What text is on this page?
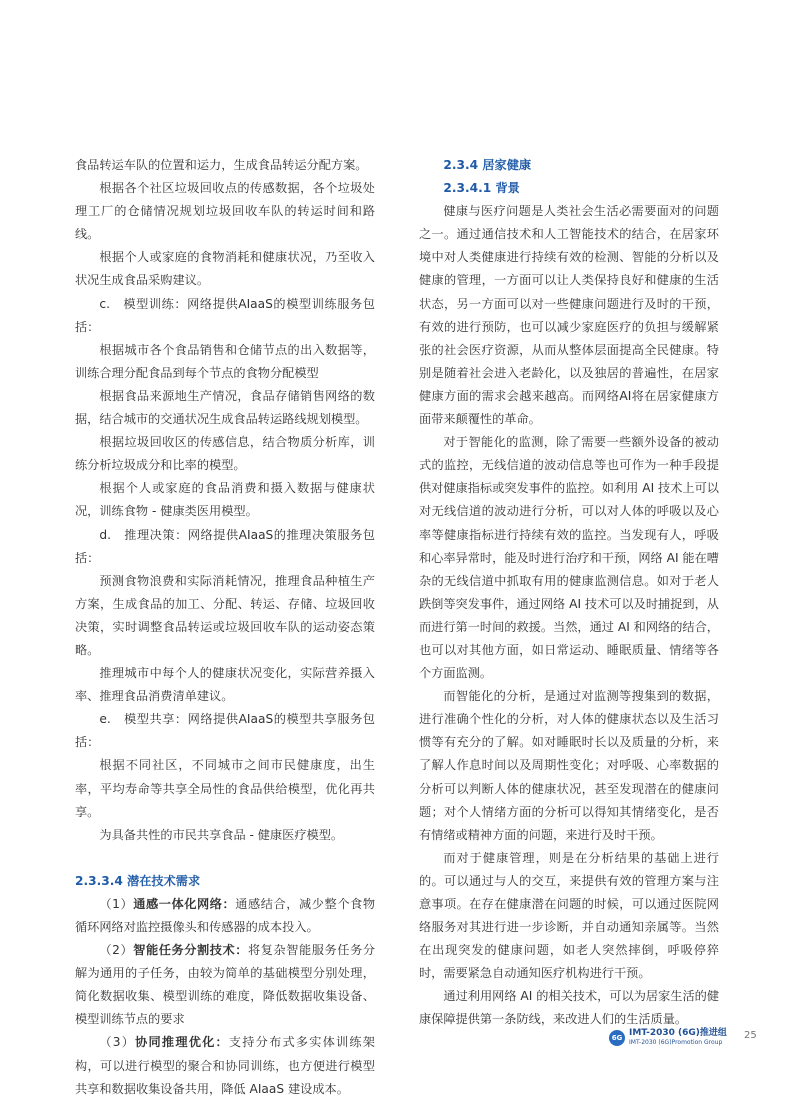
食品转运车队的位置和运力，生成食品转运分配方案。

根据各个社区垃圾回收点的传感数据，各个垃圾处理工厂的仓储情况规划垃圾回收车队的转运时间和路线。

根据个人或家庭的食物消耗和健康状况，乃至收入状况生成食品采购建议。

c.　模型训练：网络提供AIaaS的模型训练服务包括：

根据城市各个食品销售和仓储节点的出入数据等，训练合理分配食品到每个节点的食物分配模型

根据食品来源地生产情况，食品存储销售网络的数据，结合城市的交通状况生成食品转运路线规划模型。

根据垃圾回收区的传感信息，结合物质分析库，训练分析垃圾成分和比率的模型。

根据个人或家庭的食品消费和摄入数据与健康状况，训练食物 - 健康类医用模型。

d.　推理决策：网络提供AIaaS的推理决策服务包括：

预测食物浪费和实际消耗情况，推理食品种植生产方案，生成食品的加工、分配、转运、存储、垃圾回收决策，实时调整食品转运或垃圾回收车队的运动姿态策略。

推理城市中每个人的健康状况变化，实际营养摄入率、推理食品消费清单建议。

e.　模型共享：网络提供AIaaS的模型共享服务包括：

根据不同社区，不同城市之间市民健康度，出生率，平均寿命等共享全局性的食品供给模型，优化再共享。

为具备共性的市民共享食品 - 健康医疗模型。

2.3.3.4 潜在技术需求

（1）通感一体化网络：通感结合，减少整个食物循环网络对监控摄像头和传感器的成本投入。

（2）智能任务分割技术：将复杂智能服务任务分解为通用的子任务，由较为简单的基础模型分别处理，简化数据收集、模型训练的难度，降低数据收集设备、模型训练节点的要求

（3）协同推理优化：支持分布式多实体训练架构，可以进行模型的聚合和协同训练，也方便进行模型共享和数据收集设备共用，降低 AIaaS 建设成本。

2.3.4 居家健康

2.3.4.1 背景

健康与医疗问题是人类社会生活必需要面对的问题之一。通过通信技术和人工智能技术的结合，在居家环境中对人类健康进行持续有效的检测、智能的分析以及健康的管理，一方面可以让人类保持良好和健康的生活状态，另一方面可以对一些健康问题进行及时的干预，有效的进行预防，也可以减少家庭医疗的负担与缓解紧张的社会医疗资源，从而从整体层面提高全民健康。特别是随着社会进入老龄化，以及独居的普遍性，在居家健康方面的需求会越来越高。而网络AI将在居家健康方面带来颠覆性的革命。

对于智能化的监测，除了需要一些额外设备的被动式的监控，无线信道的波动信息等也可作为一种手段提供对健康指标或突发事件的监控。如利用 AI 技术上可以对无线信道的波动进行分析，可以对人体的呼吸以及心率等健康指标进行持续有效的监控。当发现有人，呼吸和心率异常时，能及时进行治疗和干预，网络 AI 能在嘈杂的无线信道中抓取有用的健康监测信息。如对于老人跌倒等突发事件，通过网络 AI 技术可以及时捕捉到，从而进行第一时间的救援。当然，通过 AI 和网络的结合，也可以对其他方面，如日常运动、睡眠质量、情绪等各个方面监测。

而智能化的分析，是通过对监测等搜集到的数据，进行准确个性化的分析，对人体的健康状态以及生活习惯等有充分的了解。如对睡眠时长以及质量的分析，来了解人作息时间以及周期性变化；对呼吸、心率数据的分析可以判断人体的健康状况，甚至发现潜在的健康问题；对个人情绪方面的分析可以得知其情绪变化，是否有情绪或精神方面的问题，来进行及时干预。

而对于健康管理，则是在分析结果的基础上进行的。可以通过与人的交互，来提供有效的管理方案与注意事项。在存在健康潜在问题的时候，可以通过医院网络服务对其进行进一步诊断，并自动通知亲属等。当然在出现突发的健康问题，如老人突然摔倒，呼吸停猝时，需要紧急自动通知医疗机构进行干预。

通过利用网络 AI 的相关技术，可以为居家生活的健康保障提供第一条防线，来改进人们的生活质量。

6G IMT-2030 (6G)推进组
IMT-2030 (6G)Promotion Group
25
